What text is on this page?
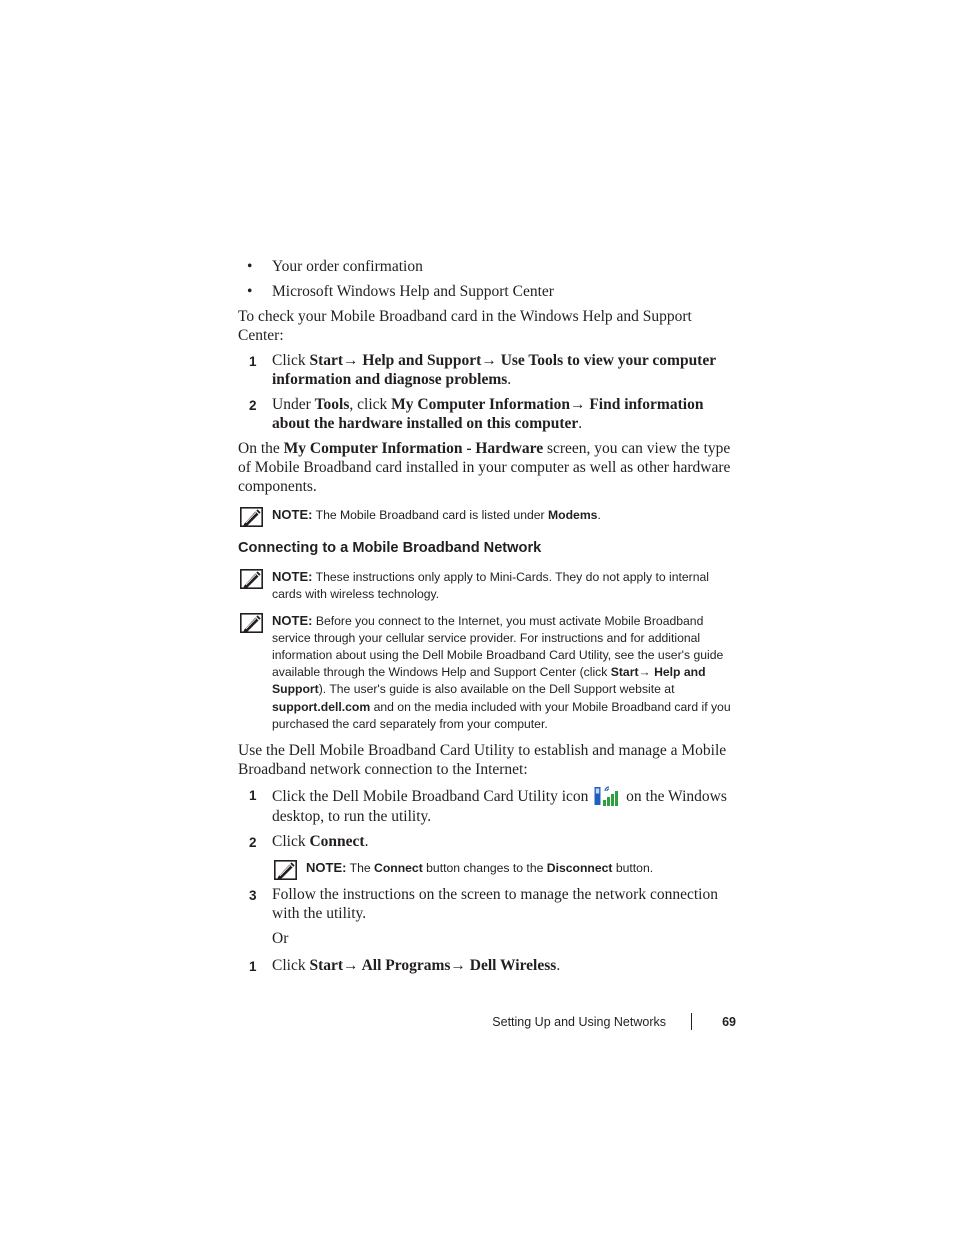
• Your order confirmation
• Microsoft Windows Help and Support Center

To check your Mobile Broadband card in the Windows Help and Support Center:

1 Click Start→ Help and Support→ Use Tools to view your computer information and diagnose problems.
2 Under Tools, click My Computer Information→ Find information about the hardware installed on this computer.

On the My Computer Information - Hardware screen, you can view the type of Mobile Broadband card installed in your computer as well as other hardware components.

NOTE: The Mobile Broadband card is listed under Modems.
Connecting to a Mobile Broadband Network
NOTE: These instructions only apply to Mini-Cards. They do not apply to internal cards with wireless technology.
NOTE: Before you connect to the Internet, you must activate Mobile Broadband service through your cellular service provider. For instructions and for additional information about using the Dell Mobile Broadband Card Utility, see the user's guide available through the Windows Help and Support Center (click Start→ Help and Support). The user's guide is also available on the Dell Support website at support.dell.com and on the media included with your Mobile Broadband card if you purchased the card separately from your computer.

Use the Dell Mobile Broadband Card Utility to establish and manage a Mobile Broadband network connection to the Internet:

1 Click the Dell Mobile Broadband Card Utility icon  on the Windows desktop, to run the utility.
2 Click Connect.
NOTE: The Connect button changes to the Disconnect button.
3 Follow the instructions on the screen to manage the network connection with the utility.
Or
1 Click Start→ All Programs→ Dell Wireless.
Setting Up and Using Networks	69
